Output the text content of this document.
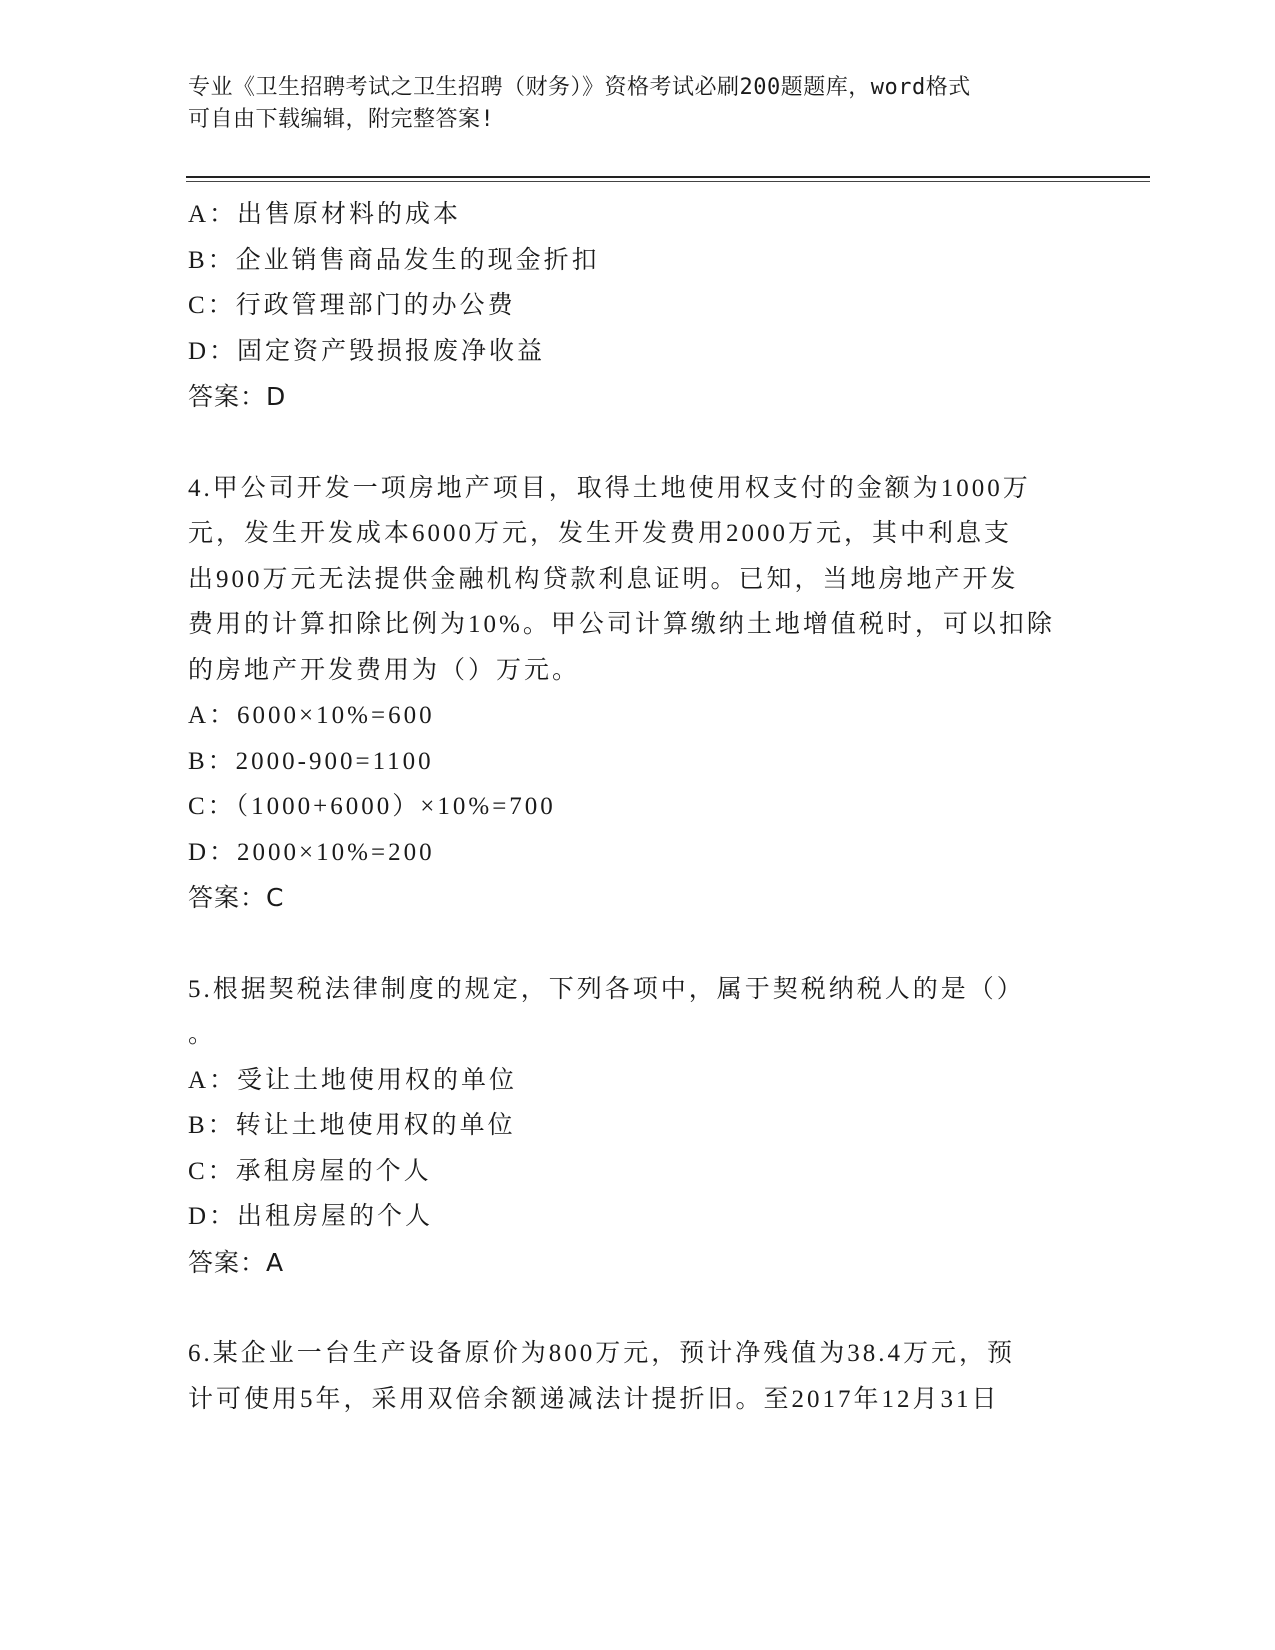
专业《卫生招聘考试之卫生招聘（财务）》资格考试必刷200题题库，word格式
可自由下载编辑，附完整答案!
A：出售原材料的成本
B：企业销售商品发生的现金折扣
C：行政管理部门的办公费
D：固定资产毁损报废净收益
答案：D
4.甲公司开发一项房地产项目，取得土地使用权支付的金额为1000万
元，发生开发成本6000万元，发生开发费用2000万元，其中利息支
出900万元无法提供金融机构贷款利息证明。已知，当地房地产开发
费用的计算扣除比例为10%。甲公司计算缴纳土地增值税时，可以扣除
的房地产开发费用为（）万元。
A：6000×10%=600
B：2000-900=1100
C：（1000+6000）×10%=700
D：2000×10%=200
答案：C
5.根据契税法律制度的规定，下列各项中，属于契税纳税人的是（）
。
A：受让土地使用权的单位
B：转让土地使用权的单位
C：承租房屋的个人
D：出租房屋的个人
答案：A
6.某企业一台生产设备原价为800万元，预计净残值为38.4万元，预
计可使用5年，采用双倍余额递减法计提折旧。至2017年12月31日
